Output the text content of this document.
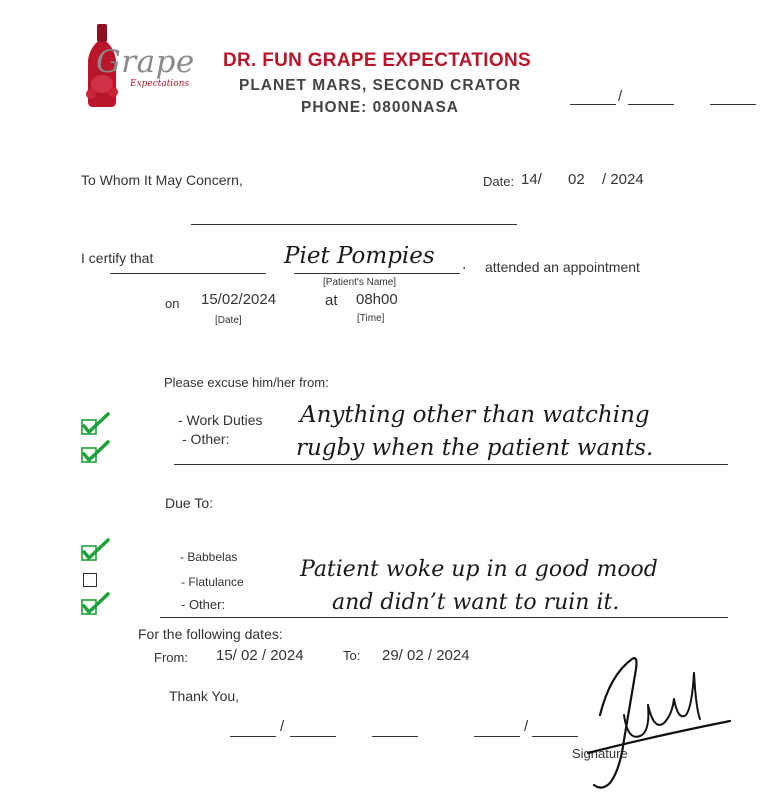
Grape
Expectations
DR. FUN GRAPE EXPECTATIONS
PLANET MARS, SECOND CRATOR
PHONE: 0800NASA
/
To Whom It May Concern,	Date: 14/ 02 / 2024
I certify that	Piet Pompies .
[Patient's Name]
attended an appointment
on 15/02/2024
[Date]
at 08h00
[Time]
Please excuse him/her from:
- Work Duties
- Other:
Anything other than watching
rugby when the patient wants.
Due To:
- Babbelas
- Flatulance
- Other:
Patient woke up in a good mood
and didn’t want to ruin it.
For the following dates:
From: 15/ 02 / 2024	To: 29/ 02 / 2024
Thank You,
/	/
Signature
